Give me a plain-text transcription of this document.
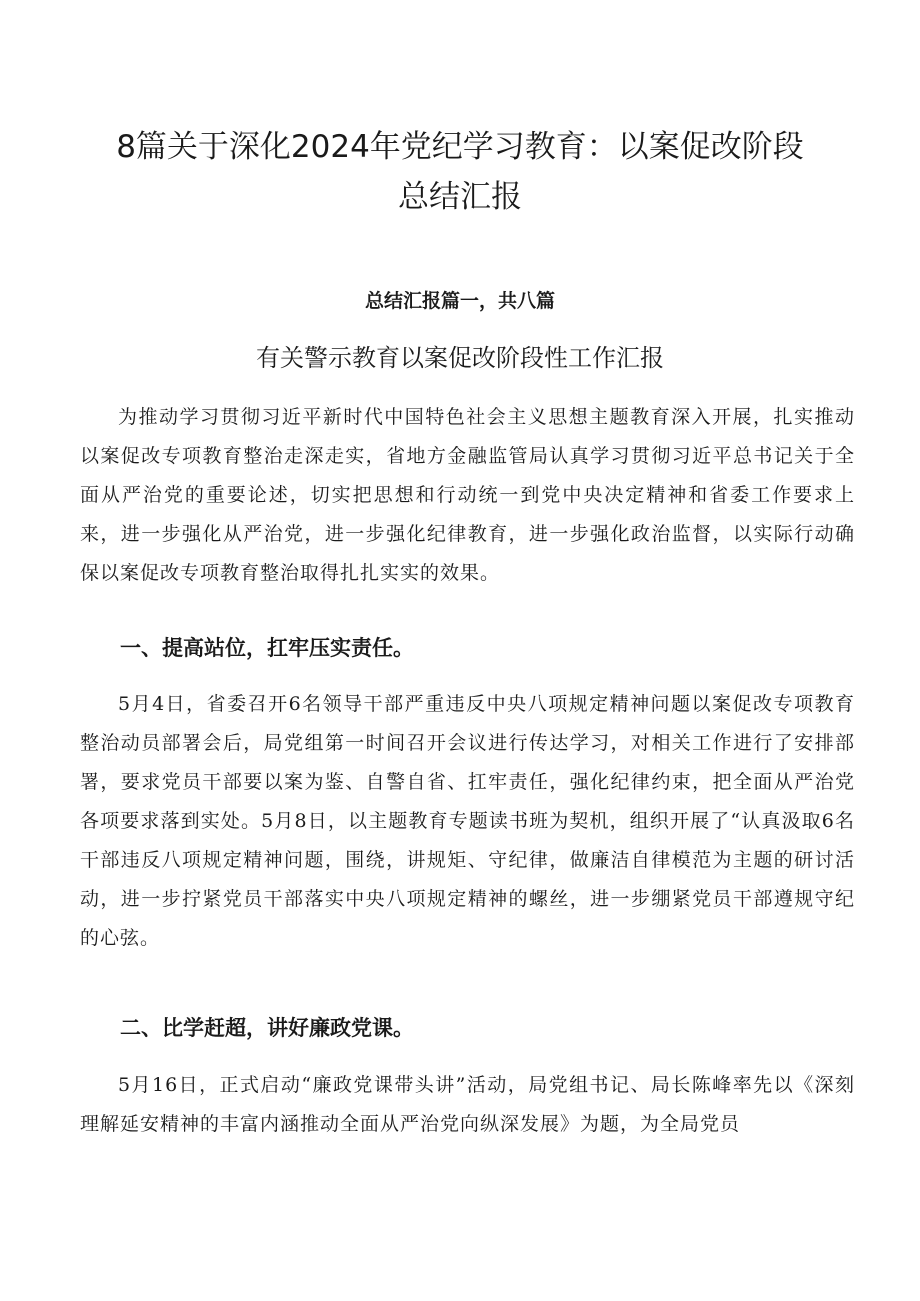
8篇关于深化2024年党纪学习教育：以案促改阶段
总结汇报

总结汇报篇一，共八篇

有关警示教育以案促改阶段性工作汇报

为推动学习贯彻习近平新时代中国特色社会主义思想主题教育深入开展，扎实推动以案促改专项教育整治走深走实，省地方金融监管局认真学习贯彻习近平总书记关于全面从严治党的重要论述，切实把思想和行动统一到党中央决定精神和省委工作要求上来，进一步强化从严治党，进一步强化纪律教育，进一步强化政治监督，以实际行动确保以案促改专项教育整治取得扎扎实实的效果。

一、提高站位，扛牢压实责任。

5月4日，省委召开6名领导干部严重违反中央八项规定精神问题以案促改专项教育整治动员部署会后，局党组第一时间召开会议进行传达学习，对相关工作进行了安排部署，要求党员干部要以案为鉴、自警自省、扛牢责任，强化纪律约束，把全面从严治党各项要求落到实处。5月8日，以主题教育专题读书班为契机，组织开展了“认真汲取6名干部违反八项规定精神问题，围绕，讲规矩、守纪律，做廉洁自律模范为主题的研讨活动，进一步拧紧党员干部落实中央八项规定精神的螺丝，进一步绷紧党员干部遵规守纪的心弦。

二、比学赶超，讲好廉政党课。

5月16日，正式启动“廉政党课带头讲”活动，局党组书记、局长陈峰率先以《深刻理解延安精神的丰富内涵推动全面从严治党向纵深发展》为题，为全局党员
